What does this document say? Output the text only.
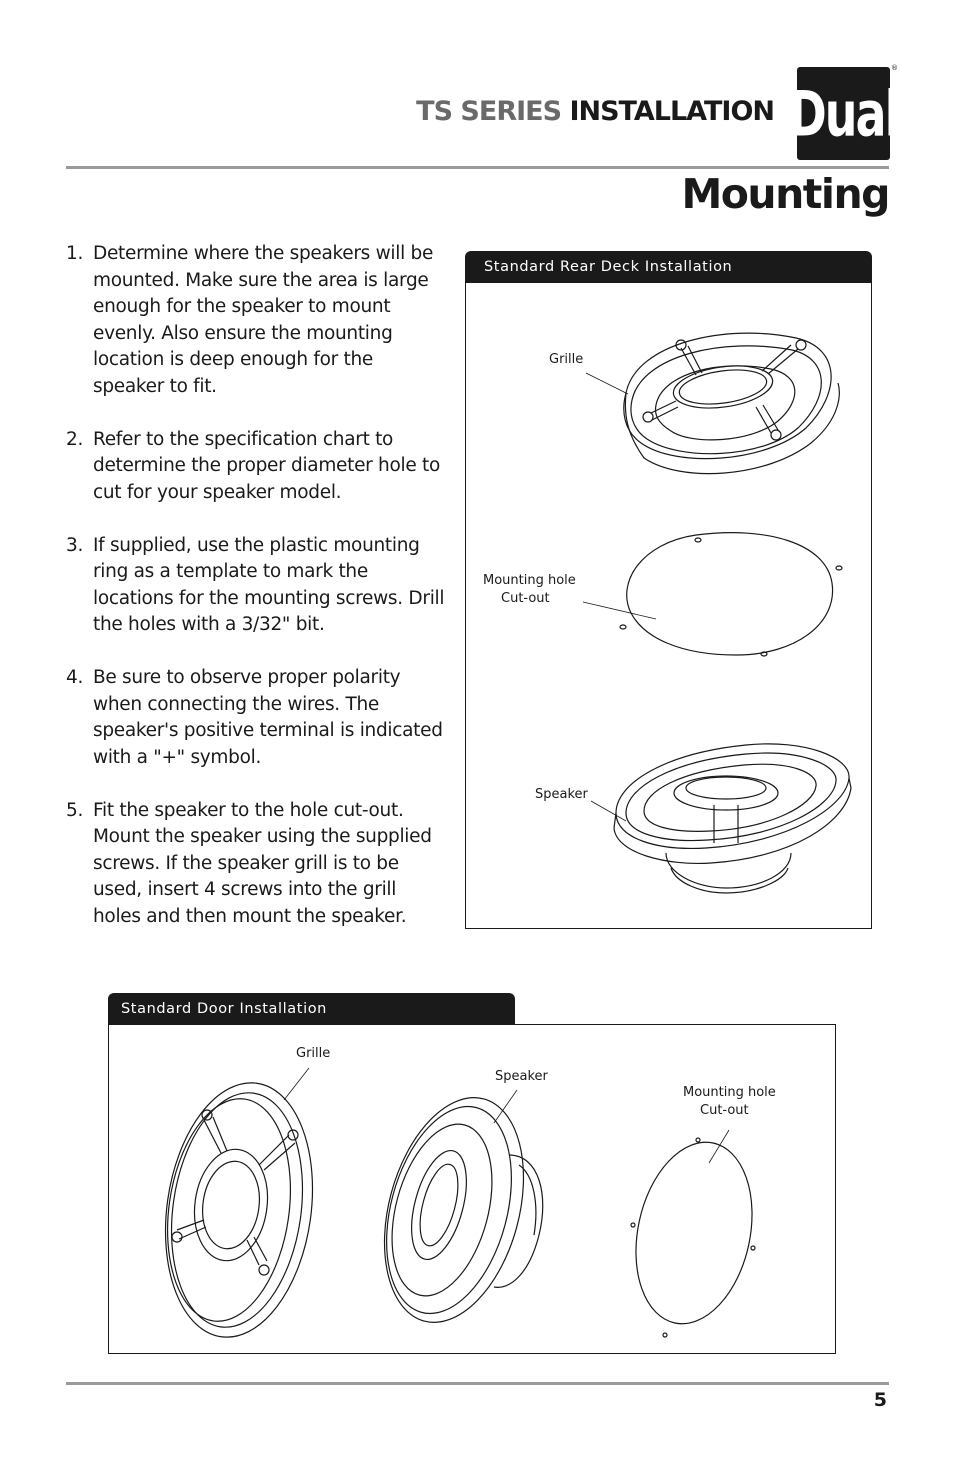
TS SERIES INSTALLATION Dual
®
Mounting
1. Determine where the speakers will be mounted. Make sure the area is large enough for the speaker to mount evenly. Also ensure the mounting location is deep enough for the speaker to fit.
2. Refer to the specification chart to determine the proper diameter hole to cut for your speaker model.
3. If supplied, use the plastic mounting ring as a template to mark the locations for the mounting screws. Drill the holes with a 3/32" bit.
4. Be sure to observe proper polarity when connecting the wires. The speaker's positive terminal is indicated with a "+" symbol.
5. Fit the speaker to the hole cut-out. Mount the speaker using the supplied screws. If the speaker grill is to be used, insert 4 screws into the grill holes and then mount the speaker.
Standard Rear Deck Installation
Grille
Mounting hole
Cut-out
Speaker
Standard Door Installation
Grille
Speaker
Mounting hole
Cut-out
5
